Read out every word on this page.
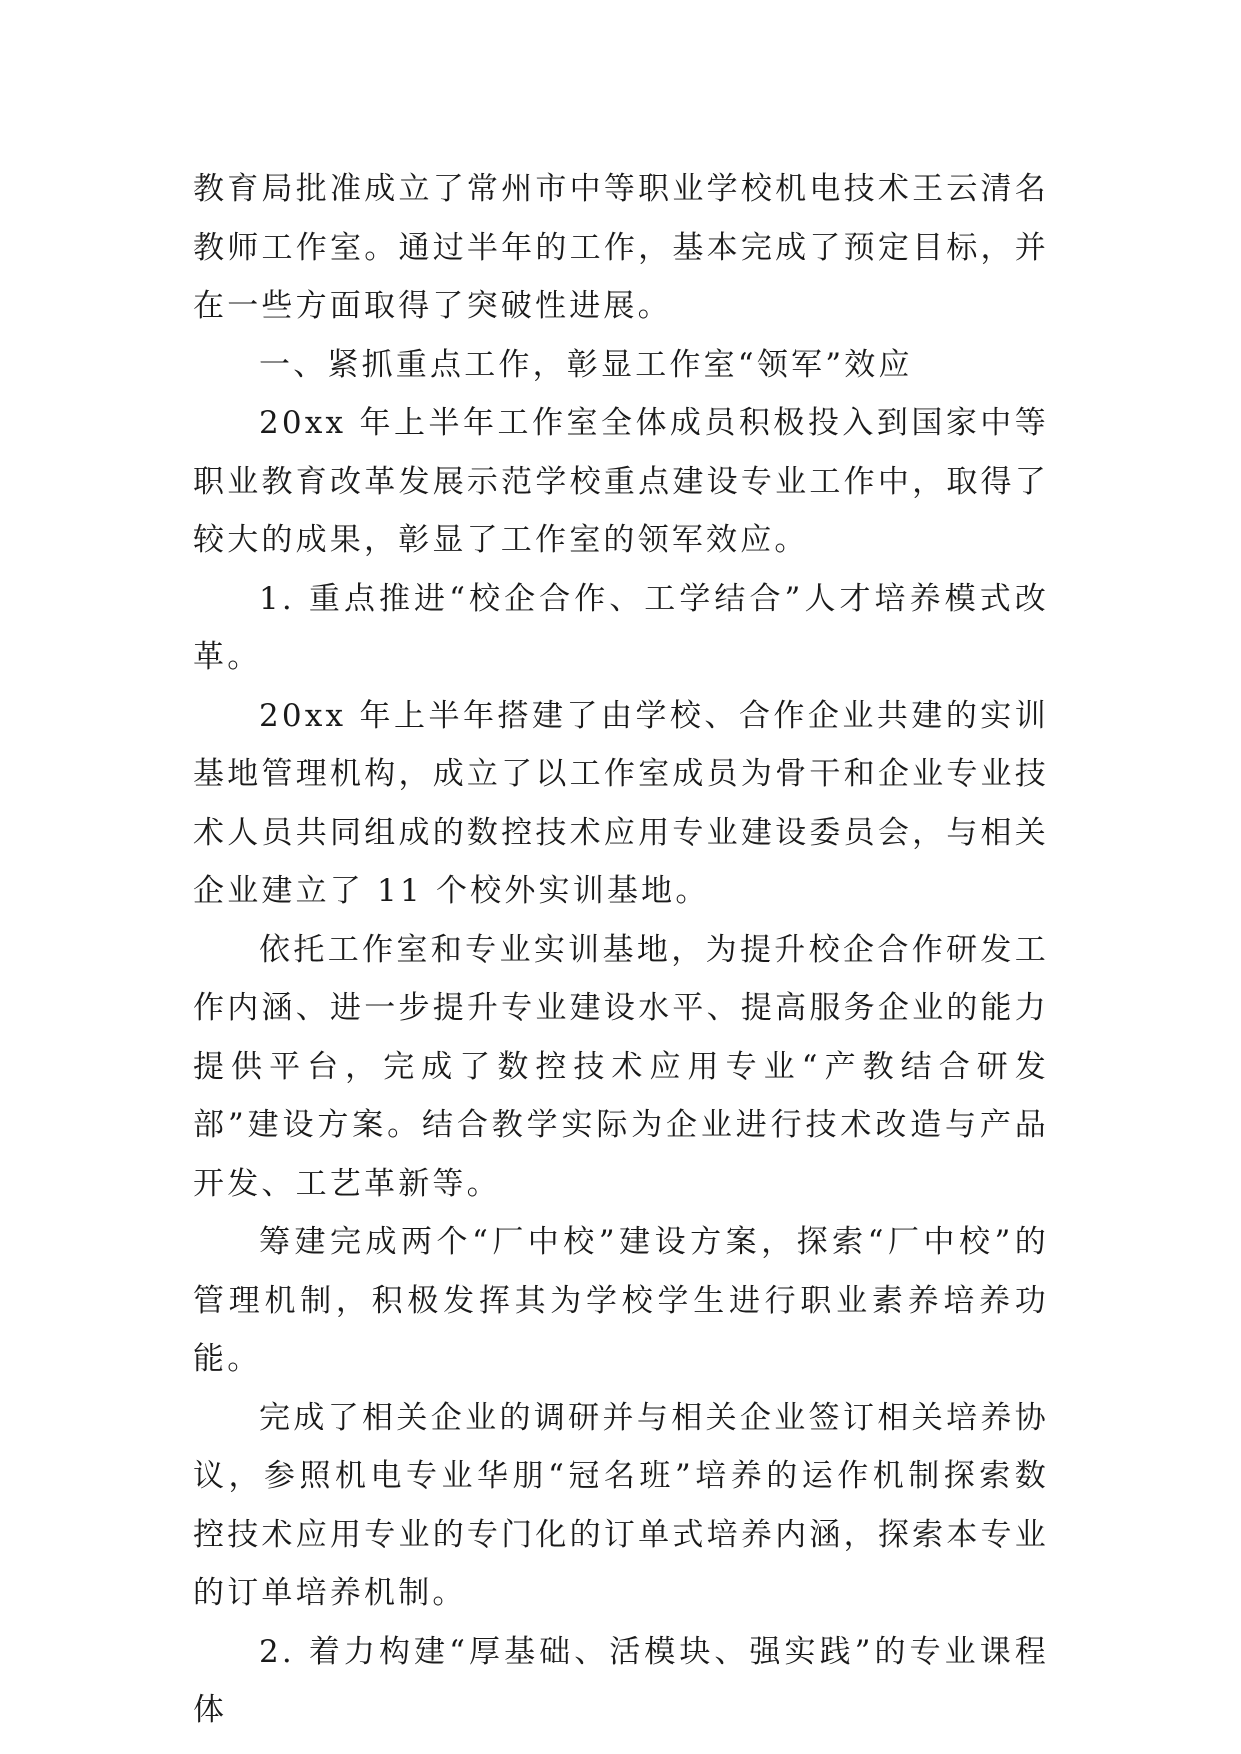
教育局批准成立了常州市中等职业学校机电技术王云清名教师工作室。通过半年的工作，基本完成了预定目标，并在一些方面取得了突破性进展。

一、紧抓重点工作，彰显工作室“领军”效应

20xx 年上半年工作室全体成员积极投入到国家中等职业教育改革发展示范学校重点建设专业工作中，取得了较大的成果，彰显了工作室的领军效应。

1. 重点推进“校企合作、工学结合”人才培养模式改革。

20xx 年上半年搭建了由学校、合作企业共建的实训基地管理机构，成立了以工作室成员为骨干和企业专业技术人员共同组成的数控技术应用专业建设委员会，与相关企业建立了 11 个校外实训基地。

依托工作室和专业实训基地，为提升校企合作研发工作内涵、进一步提升专业建设水平、提高服务企业的能力提供平台，完成了数控技术应用专业“产教结合研发部”建设方案。结合教学实际为企业进行技术改造与产品开发、工艺革新等。

筹建完成两个“厂中校”建设方案，探索“厂中校”的管理机制，积极发挥其为学校学生进行职业素养培养功能。

完成了相关企业的调研并与相关企业签订相关培养协议，参照机电专业华朋“冠名班”培养的运作机制探索数控技术应用专业的专门化的订单式培养内涵，探索本专业的订单培养机制。

2. 着力构建“厚基础、活模块、强实践”的专业课程体
